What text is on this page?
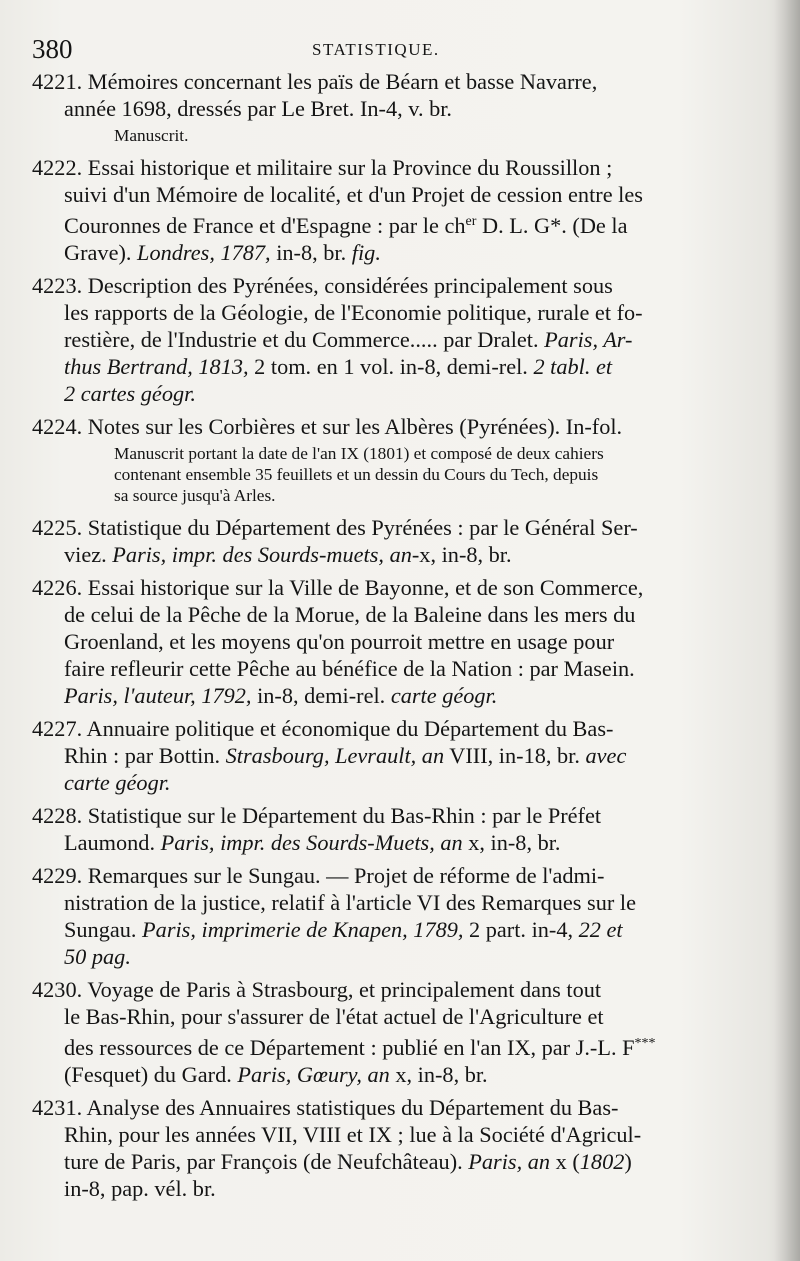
380	STATISTIQUE.
4221. Mémoires concernant les païs de Béarn et basse Navarre,
année 1698, dressés par Le Bret. In-4, v. br.
Manuscrit.
4222. Essai historique et militaire sur la Province du Roussillon ;
suivi d'un Mémoire de localité, et d'un Projet de cession entre les
Couronnes de France et d'Espagne : par le $ch^{er}$ D. L. G*. (De la
Grave). Londres, 1787, in-8, br. fig.
4223. Description des Pyrénées, considérées principalement sous
les rapports de la Géologie, de l'Economie politique, rurale et fo-
restière, de l'Industrie et du Commerce..... par Dralet. Paris, Ar-
thus Bertrand, 1813, 2 tom. en 1 vol. in-8, demi-rel. 2 tabl. et
2 cartes géogr.
4224. Notes sur les Corbières et sur les Albères (Pyrénées). In-fol.
Manuscrit portant la date de l'an IX (1801) et composé de deux cahiers
contenant ensemble 35 feuillets et un dessin du Cours du Tech, depuis
sa source jusqu'à Arles.
4225. Statistique du Département des Pyrénées : par le Général Ser-
viez. Paris, impr. des Sourds-muets, an-x, in-8, br.
4226. Essai historique sur la Ville de Bayonne, et de son Commerce,
de celui de la Pêche de la Morue, de la Baleine dans les mers du
Groenland, et les moyens qu'on pourroit mettre en usage pour
faire refleurir cette Pêche au bénéfice de la Nation : par Masein.
Paris, l'auteur, 1792, in-8, demi-rel. carte géogr.
4227. Annuaire politique et économique du Département du Bas-
Rhin : par Bottin. Strasbourg, Levrault, an VIII, in-18, br. avec
carte géogr.
4228. Statistique sur le Département du Bas-Rhin : par le Préfet
Laumond. Paris, impr. des Sourds-Muets, an x, in-8, br.
4229. Remarques sur le Sungau. — Projet de réforme de l'admi-
nistration de la justice, relatif à l'article VI des Remarques sur le
Sungau. Paris, imprimerie de Knapen, 1789, 2 part. in-4, 22 et
50 pag.
4230. Voyage de Paris à Strasbourg, et principalement dans tout
le Bas-Rhin, pour s'assurer de l'état actuel de l'Agriculture et
des ressources de ce Département : publié en l'an IX, par J.-L. F***
(Fesquet) du Gard. Paris, Gœury, an x, in-8, br.
4231. Analyse des Annuaires statistiques du Département du Bas-
Rhin, pour les années VII, VIII et IX ; lue à la Société d'Agricul-
ture de Paris, par François (de Neufchâteau). Paris, an x (1802)
in-8, pap. vél. br.
